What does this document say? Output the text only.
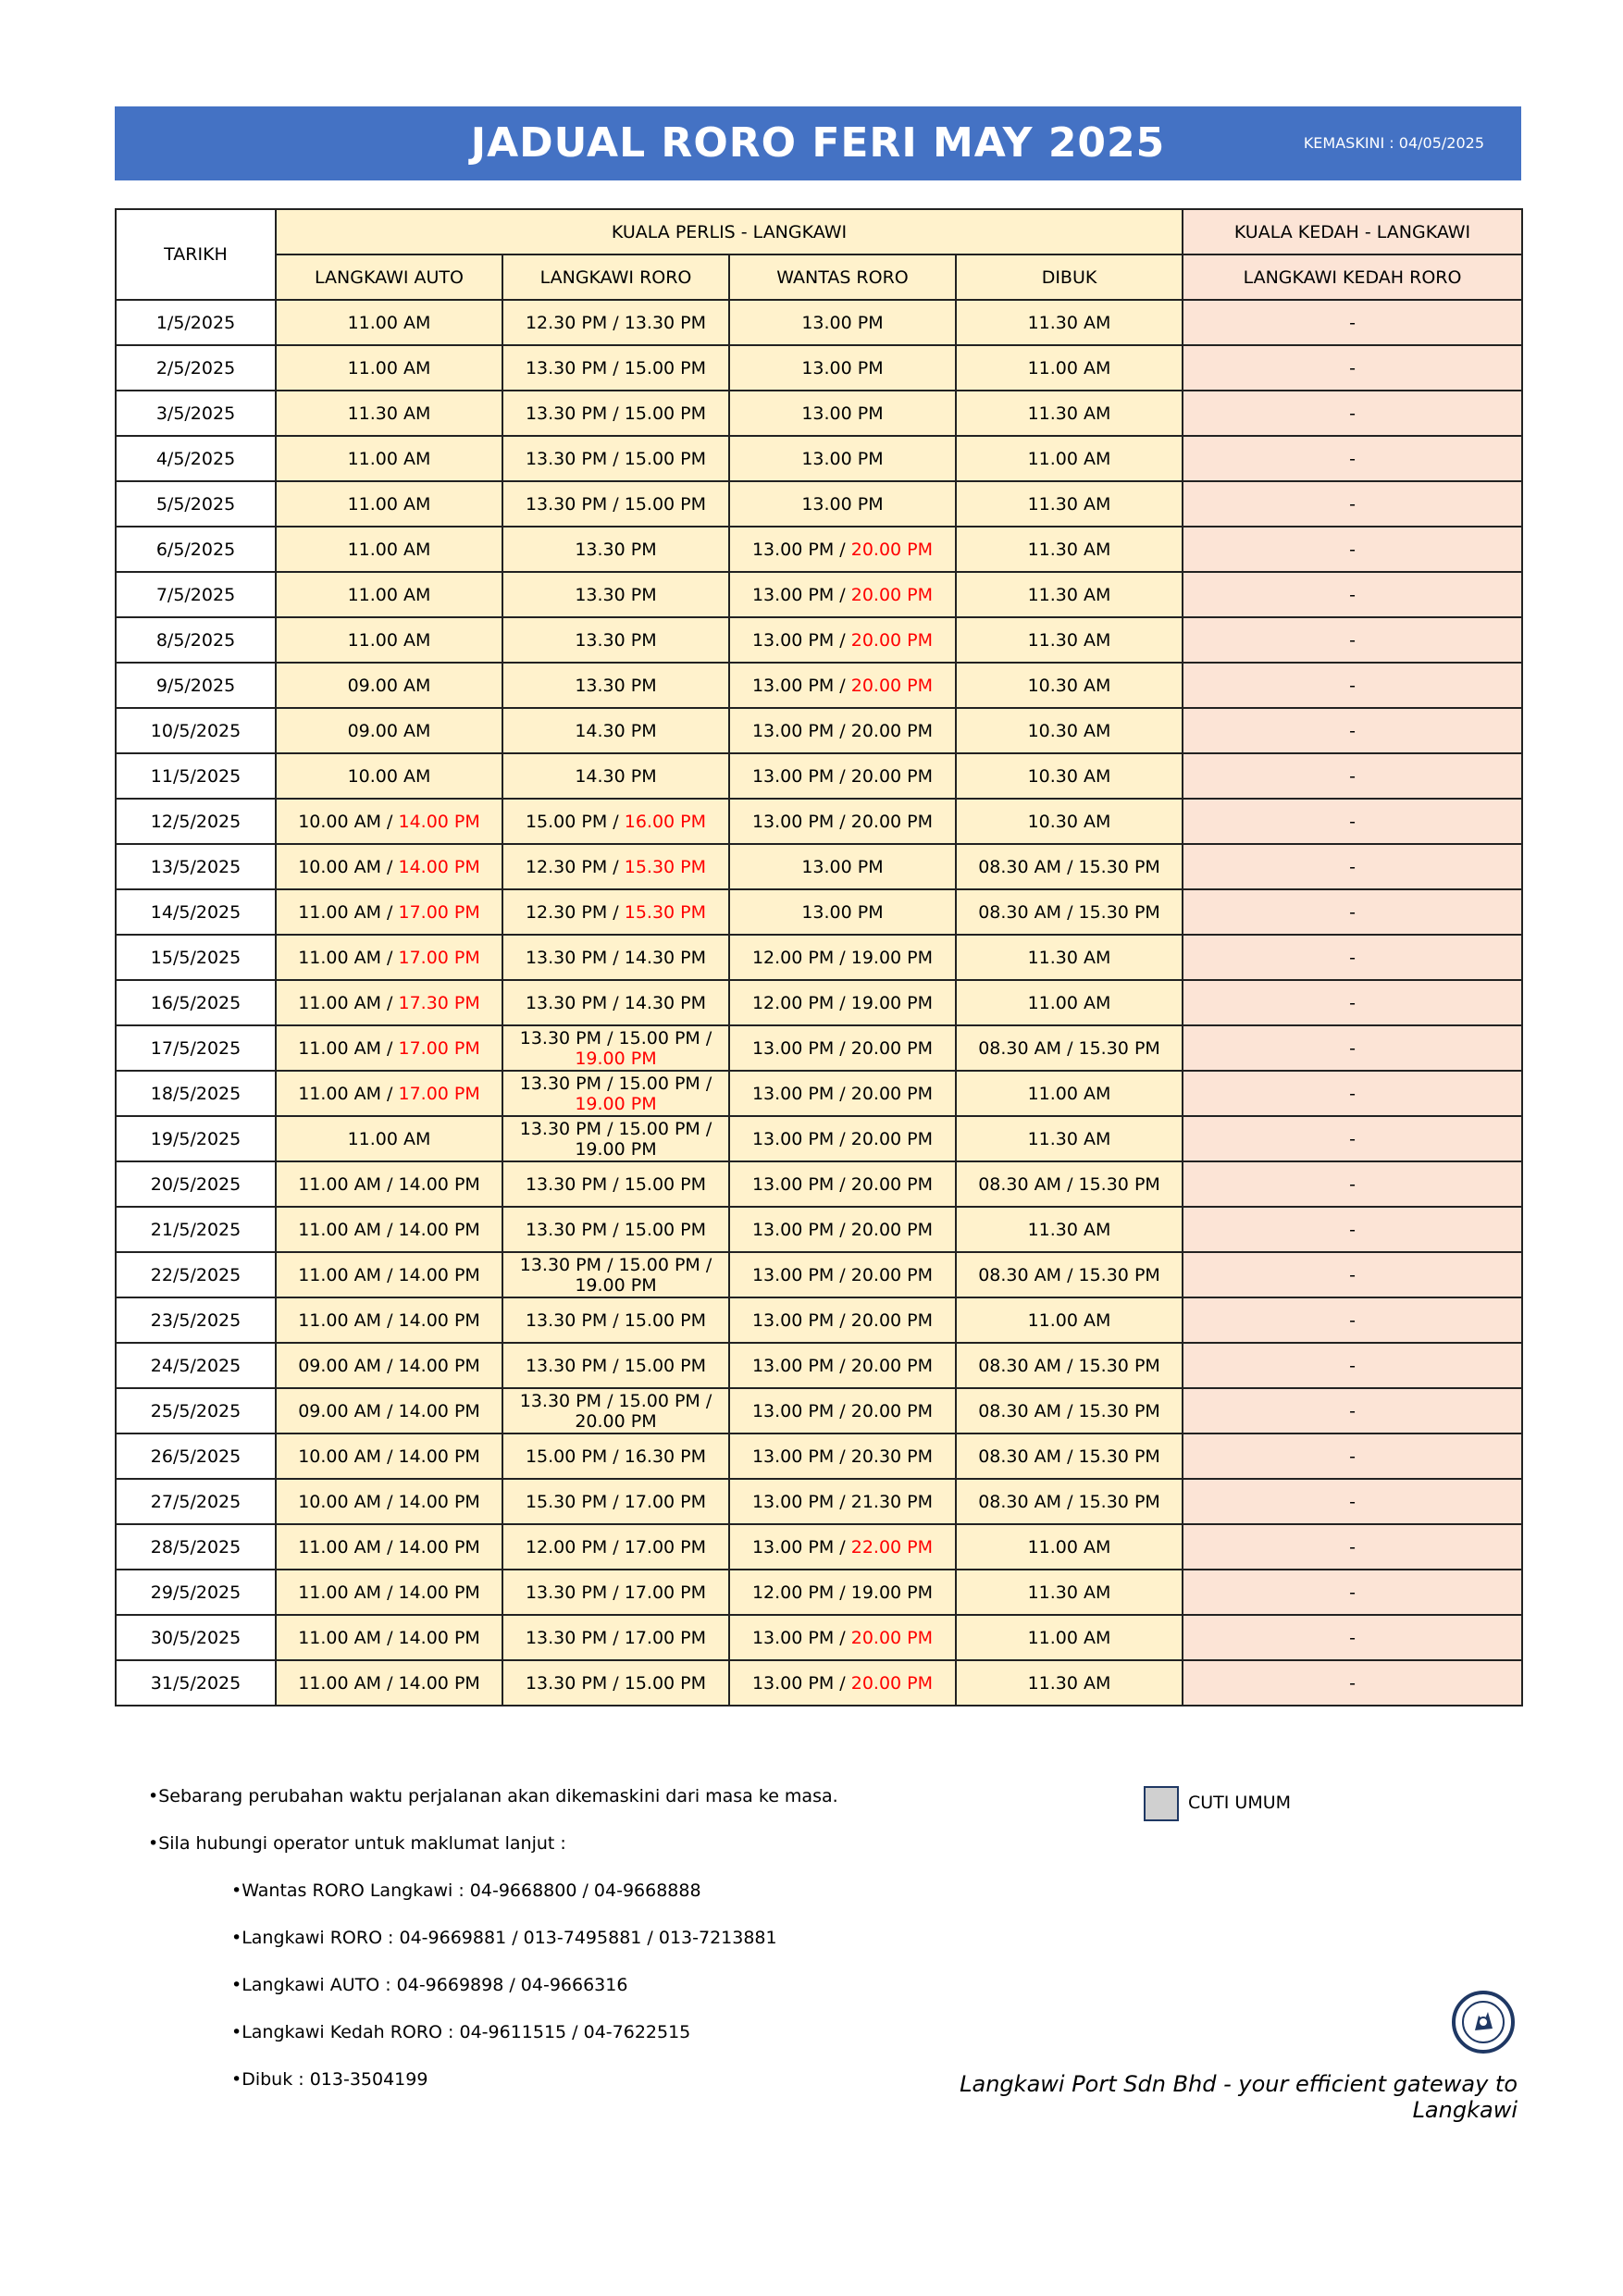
JADUAL RORO FERI MAY 2025	KEMASKINI : 04/05/2025
TARIKH	KUALA PERLIS - LANGKAWI				KUALA KEDAH - LANGKAWI
	LANGKAWI AUTO	LANGKAWI RORO	WANTAS RORO	DIBUK	LANGKAWI KEDAH RORO
1/5/2025	11.00 AM	12.30 PM / 13.30 PM	13.00 PM	11.30 AM	-
2/5/2025	11.00 AM	13.30 PM / 15.00 PM	13.00 PM	11.00 AM	-
3/5/2025	11.30 AM	13.30 PM / 15.00 PM	13.00 PM	11.30 AM	-
4/5/2025	11.00 AM	13.30 PM / 15.00 PM	13.00 PM	11.00 AM	-
5/5/2025	11.00 AM	13.30 PM / 15.00 PM	13.00 PM	11.30 AM	-
6/5/2025	11.00 AM	13.30 PM	13.00 PM / 20.00 PM	11.30 AM	-
7/5/2025	11.00 AM	13.30 PM	13.00 PM / 20.00 PM	11.30 AM	-
8/5/2025	11.00 AM	13.30 PM	13.00 PM / 20.00 PM	11.30 AM	-
9/5/2025	09.00 AM	13.30 PM	13.00 PM / 20.00 PM	10.30 AM	-
10/5/2025	09.00 AM	14.30 PM	13.00 PM / 20.00 PM	10.30 AM	-
11/5/2025	10.00 AM	14.30 PM	13.00 PM / 20.00 PM	10.30 AM	-
12/5/2025	10.00 AM / 14.00 PM	15.00 PM / 16.00 PM	13.00 PM / 20.00 PM	10.30 AM	-
13/5/2025	10.00 AM / 14.00 PM	12.30 PM / 15.30 PM	13.00 PM	08.30 AM / 15.30 PM	-
14/5/2025	11.00 AM / 17.00 PM	12.30 PM / 15.30 PM	13.00 PM	08.30 AM / 15.30 PM	-
15/5/2025	11.00 AM / 17.00 PM	13.30 PM / 14.30 PM	12.00 PM / 19.00 PM	11.30 AM	-
16/5/2025	11.00 AM / 17.30 PM	13.30 PM / 14.30 PM	12.00 PM / 19.00 PM	11.00 AM	-
17/5/2025	11.00 AM / 17.00 PM	13.30 PM / 15.00 PM / 19.00 PM	13.00 PM / 20.00 PM	08.30 AM / 15.30 PM	-
18/5/2025	11.00 AM / 17.00 PM	13.30 PM / 15.00 PM / 19.00 PM	13.00 PM / 20.00 PM	11.00 AM	-
19/5/2025	11.00 AM	13.30 PM / 15.00 PM / 19.00 PM	13.00 PM / 20.00 PM	11.30 AM	-
20/5/2025	11.00 AM / 14.00 PM	13.30 PM / 15.00 PM	13.00 PM / 20.00 PM	08.30 AM / 15.30 PM	-
21/5/2025	11.00 AM / 14.00 PM	13.30 PM / 15.00 PM	13.00 PM / 20.00 PM	11.30 AM	-
22/5/2025	11.00 AM / 14.00 PM	13.30 PM / 15.00 PM / 19.00 PM	13.00 PM / 20.00 PM	08.30 AM / 15.30 PM	-
23/5/2025	11.00 AM / 14.00 PM	13.30 PM / 15.00 PM	13.00 PM / 20.00 PM	11.00 AM	-
24/5/2025	09.00 AM / 14.00 PM	13.30 PM / 15.00 PM	13.00 PM / 20.00 PM	08.30 AM / 15.30 PM	-
25/5/2025	09.00 AM / 14.00 PM	13.30 PM / 15.00 PM / 20.00 PM	13.00 PM / 20.00 PM	08.30 AM / 15.30 PM	-
26/5/2025	10.00 AM / 14.00 PM	15.00 PM / 16.30 PM	13.00 PM / 20.30 PM	08.30 AM / 15.30 PM	-
27/5/2025	10.00 AM / 14.00 PM	15.30 PM / 17.00 PM	13.00 PM / 21.30 PM	08.30 AM / 15.30 PM	-
28/5/2025	11.00 AM / 14.00 PM	12.00 PM / 17.00 PM	13.00 PM / 22.00 PM	11.00 AM	-
29/5/2025	11.00 AM / 14.00 PM	13.30 PM / 17.00 PM	12.00 PM / 19.00 PM	11.30 AM	-
30/5/2025	11.00 AM / 14.00 PM	13.30 PM / 17.00 PM	13.00 PM / 20.00 PM	11.00 AM	-
31/5/2025	11.00 AM / 14.00 PM	13.30 PM / 15.00 PM	13.00 PM / 20.00 PM	11.30 AM	-
•Sebarang perubahan waktu perjalanan akan dikemaskini dari masa ke masa.
•Sila hubungi operator untuk maklumat lanjut :
•Wantas RORO Langkawi : 04-9668800 / 04-9668888
•Langkawi RORO : 04-9669881 / 013-7495881 / 013-7213881
•Langkawi AUTO : 04-9669898 / 04-9666316
•Langkawi Kedah RORO : 04-9611515 / 04-7622515
•Dibuk : 013-3504199
CUTI UMUM
Langkawi Port Sdn Bhd - your efficient gateway to Langkawi
